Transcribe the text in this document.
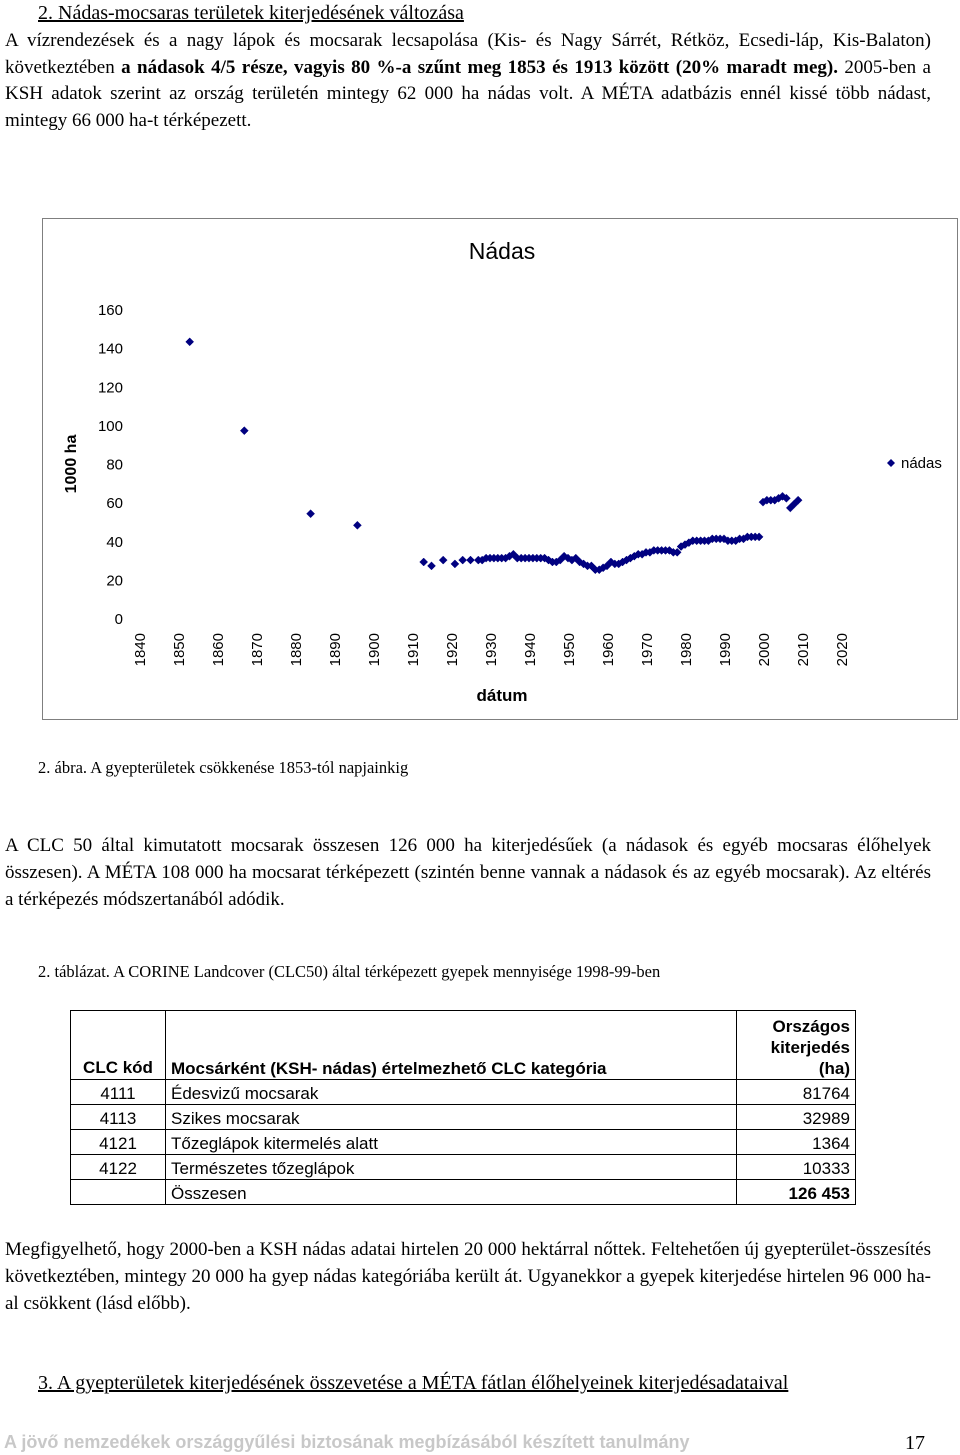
2. Nádas-mocsaras területek kiterjedésének változása
A vízrendezések és a nagy lápok és mocsarak lecsapolása (Kis- és Nagy Sárrét, Rétköz, Ecsedi-láp, Kis-Balaton) következtében a nádasok 4/5 része, vagyis 80 %-a szűnt meg 1853 és 1913 között (20% maradt meg). 2005-ben a KSH adatok szerint az ország területén mintegy 62 000 ha nádas volt. A MÉTA adatbázis ennél kissé több nádast, mintegy 66 000 ha-t térképezett.
Nádas
0
20
40
60
80
100
120
140
160
1840 1850 1860 1870 1880 1890 1900 1910 1920 1930 1940 1950 1960 1970 1980 1990 2000 2010 2020
dátum
1000 ha	nádas
2. ábra. A gyepterületek csökkenése 1853-tól napjainkig
A CLC 50 által kimutatott mocsarak összesen 126 000 ha kiterjedésűek (a nádasok és egyéb mocsaras élőhelyek összesen). A MÉTA 108 000 ha mocsarat térképezett (szintén benne vannak a nádasok és az egyéb mocsarak). Az eltérés a térképezés módszertanából adódik.
2. táblázat. A CORINE Landcover (CLC50) által térképezett gyepek mennyisége 1998-99-ben
CLC kód	Mocsárként (KSH- nádas) értelmezhető CLC kategória	Országos kiterjedés (ha)
4111	Édesvizű mocsarak	81764
4113	Szikes mocsarak	32989
4121	Tőzeglápok kitermelés alatt	1364
4122	Természetes tőzeglápok	10333
	Összesen	126 453
Megfigyelhető, hogy 2000-ben a KSH nádas adatai hirtelen 20 000 hektárral nőttek. Feltehetően új gyepterület-összesítés következtében, mintegy 20 000 ha gyep nádas kategóriába került át. Ugyanekkor a gyepek kiterjedése hirtelen 96 000 ha-al csökkent (lásd előbb).
3. A gyepterületek kiterjedésének összevetése a MÉTA fátlan élőhelyeinek kiterjedésadataival
A jövő nemzedékek országgyűlési biztosának megbízásából készített tanulmány	17
